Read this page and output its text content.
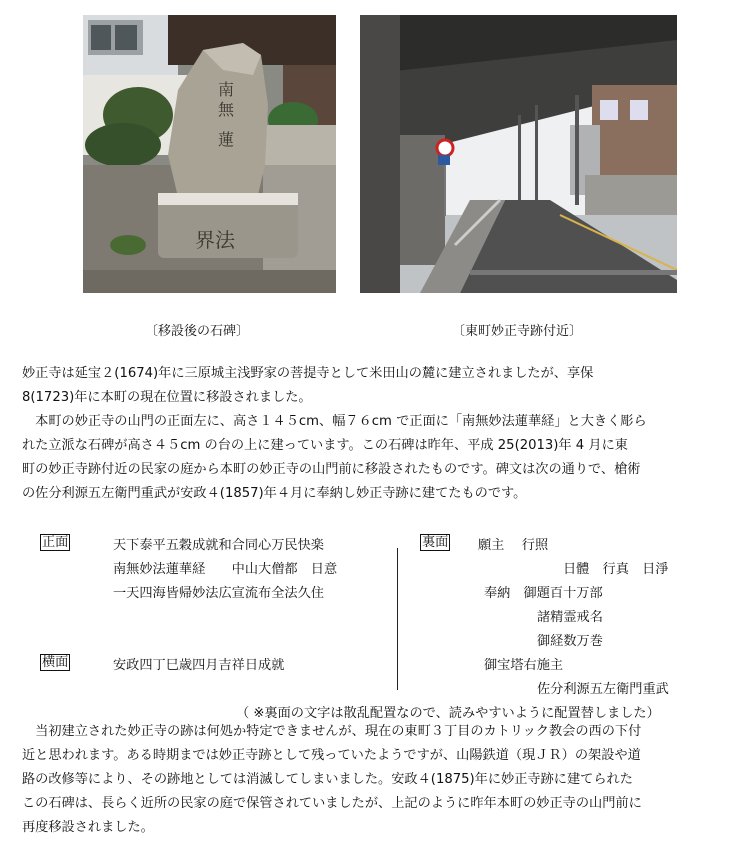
南
無
蓮
界法
〔移設後の石碑〕	〔東町妙正寺跡付近〕
妙正寺は延宝２(1674)年に三原城主浅野家の菩提寺として米田山の麓に建立されましたが、享保
8(1723)年に本町の現在位置に移設されました。
　本町の妙正寺の山門の正面左に、高さ１４５cm、幅７６cm で正面に「南無妙法蓮華経」と大きく彫ら
れた立派な石碑が高さ４５cm の台の上に建っています。この石碑は昨年、平成 25(2013)年 4 月に東
町の妙正寺跡付近の民家の庭から本町の妙正寺の山門前に移設されたものです。碑文は次の通りで、槍術
の佐分利源五左衛門重武が安政４(1857)年４月に奉納し妙正寺跡に建てたものです。
正面	天下泰平五穀成就和合同心万民快楽
南無妙法蓮華経　　中山大僧都　日意
一天四海皆帰妙法広宣流布全法久住
横面	安政四丁巳歳四月吉祥日成就
裏面 願主　 行照
日體　行真　日淨
奉納　御題百十万部
諸精霊戒名
御経数万巻
御宝塔右施主
佐分利源五左衛門重武
（ ※裏面の文字は散乱配置なので、読みやすいように配置替しました）
　当初建立された妙正寺の跡は何処か特定できませんが、現在の東町３丁目のカトリック教会の西の下付
近と思われます。ある時期までは妙正寺跡として残っていたようですが、山陽鉄道（現ＪＲ）の架設や道
路の改修等により、その跡地としては消滅してしまいました。安政４(1875)年に妙正寺跡に建てられた
この石碑は、長らく近所の民家の庭で保管されていましたが、上記のように昨年本町の妙正寺の山門前に
再度移設されました。
